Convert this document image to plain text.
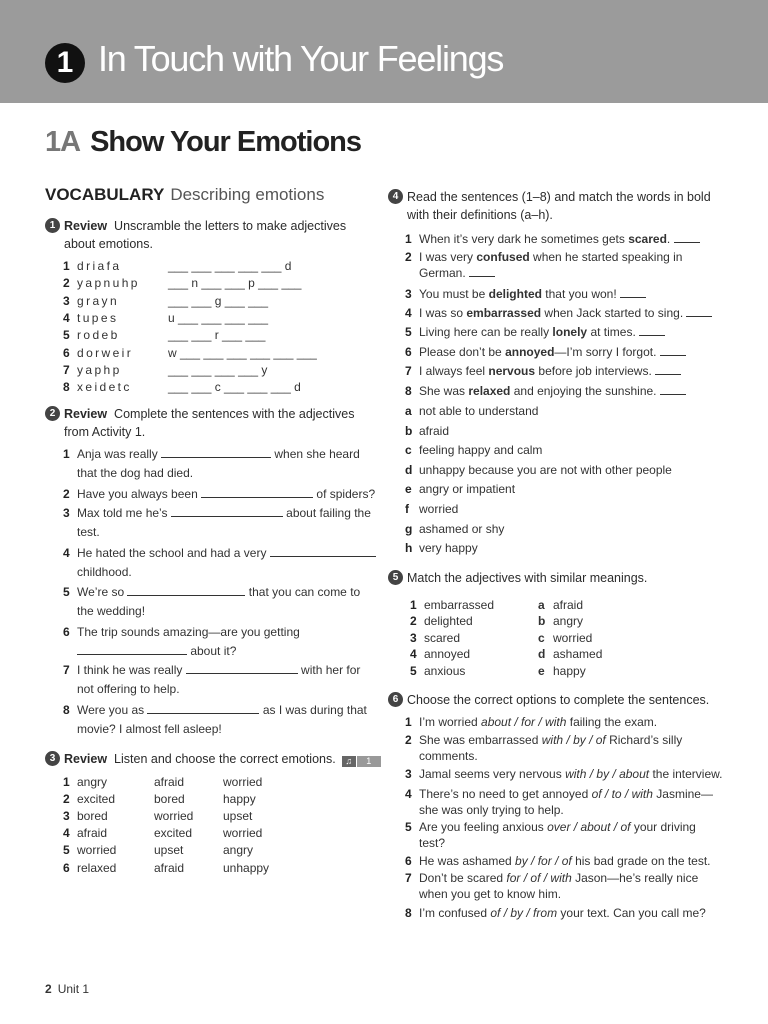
1 In Touch with Your Feelings
1A Show Your Emotions
VOCABULARY Describing emotions
1 Review Unscramble the letters to make adjectives about emotions.
1 driafa	___ ___ ___ ___ ___ d
2 yapnuhp ___ n ___ ___ p ___ ___
3 grayn	___ ___ g ___ ___
4 tupes	u ___ ___ ___ ___
5 rodeb	___ ___ r ___ ___
6 dorweir	w ___ ___ ___ ___ ___ ___
7 yaphp	___ ___ ___ ___ y
8 xeidetc	___ ___ c ___ ___ ___ d
2 Review Complete the sentences with the adjectives from Activity 1.
1 Anja was really	when she heard
that the dog had died.
2 Have you always been	of spiders?
3 Max told me he’s	about failing the
test.
4 He hated the school and had a very
childhood.
5 We’re so	that you can come to
the wedding!
6 The trip sounds amazing—are you getting
about it?
7 I think he was really	with her for
not offering to help.
8 Were you as	as I was during that
movie? I almost fell asleep!
3 Review Listen and choose the correct emotions. ♫ 1
1 angry	afraid	worried
2 excited	bored	happy
3 bored	worried upset
4 afraid	excited	worried
5 worried	upset	angry
6 relaxed	afraid	unhappy
4 Read the sentences (1–8) and match the words in bold with their definitions (a–h).
1 When it’s very dark he sometimes gets scared.
2 I was very confused when he started speaking in
German.
3 You must be delighted that you won!
4 I was so embarrassed when Jack started to sing.
5 Living here can be really lonely at times.
6 Please don’t be annoyed—I’m sorry I forgot.
7 I always feel nervous before job interviews.
8 She was relaxed and enjoying the sunshine.
a not able to understand
b afraid
c feeling happy and calm
d unhappy because you are not with other people
e angry or impatient
f worried
g ashamed or shy
h very happy
5 Match the adjectives with similar meanings.
1 embarrassed	a afraid
2 delighted	b angry
3 scared	c worried
4 annoyed	d ashamed
5 anxious	e happy
6 Choose the correct options to complete the sentences.
1 I’m worried about / for / with failing the exam.
2 She was embarrassed with / by / of Richard’s silly
comments.
3 Jamal seems very nervous with / by / about the interview.
4 There’s no need to get annoyed of / to / with Jasmine—
she was only trying to help.
5 Are you feeling anxious over / about / of your driving
test?
6 He was ashamed by / for / of his bad grade on the test.
7 Don’t be scared for / of / with Jason—he’s really nice
when you get to know him.
8 I’m confused of / by / from your text. Can you call me?
2 Unit 1
